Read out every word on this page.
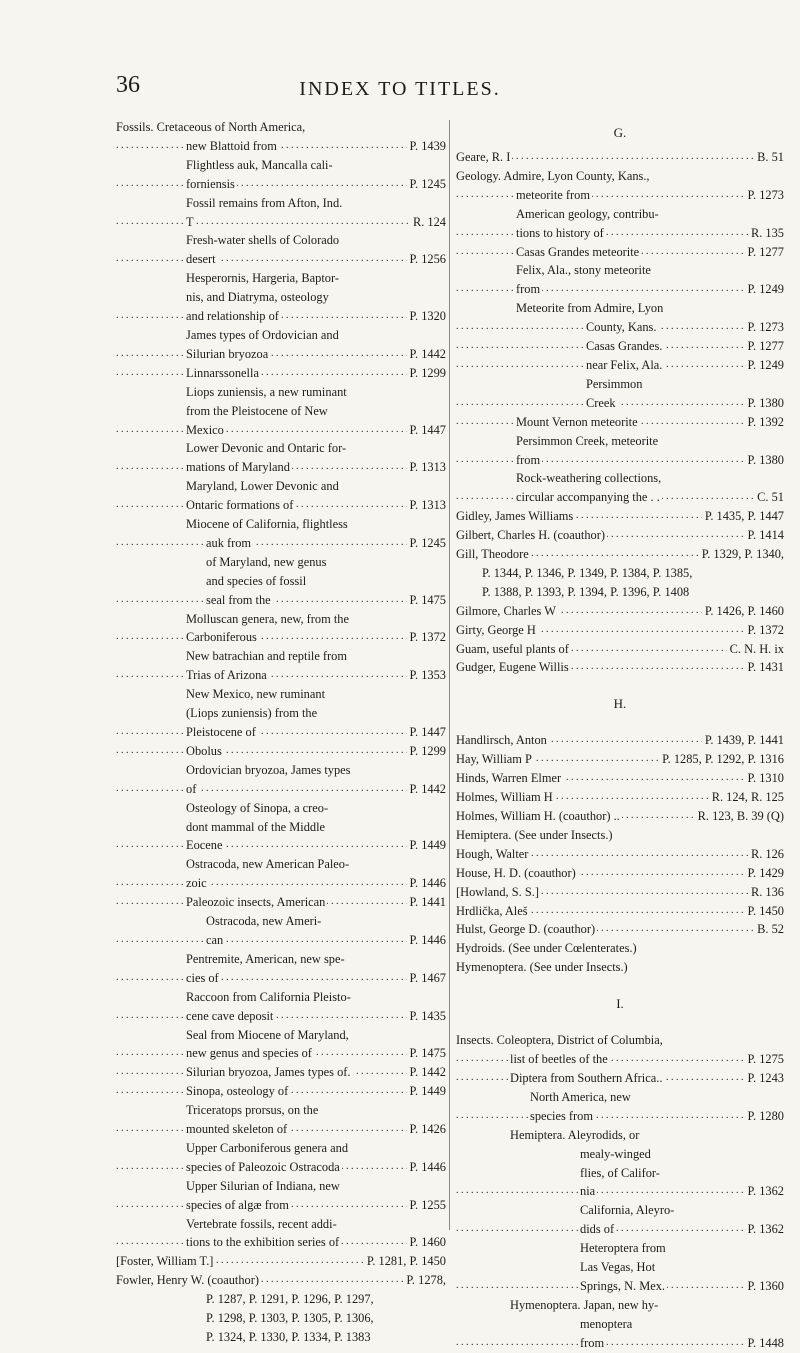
36	INDEX TO TITLES.
Fossils. Cretaceous of North America,
new Blattoid from	P. 1439
. . .
Flightless auk, Mancalla cali-
forniensis	P. 1245
. . .
Fossil remains from Afton, Ind.
T	R. 124
. . .
Fresh-water shells of Colorado
desert	P. 1256
. . .
Hesperornis, Hargeria, Baptor-
nis, and Diatryma, osteology
and relationship of	P. 1320
. . .
James types of Ordovician and
Silurian bryozoa	P. 1442
. . .
Linnarssonella	P. 1299
. . .
Liops zuniensis, a new ruminant
from the Pleistocene of New
Mexico	P. 1447
. . .
Lower Devonic and Ontaric for-
mations of Maryland	P. 1313
. . .
Maryland, Lower Devonic and
Ontaric formations of	P. 1313
. . .
Miocene of California, flightless
auk from	P. 1245
. . .
of Maryland, new genus
and species of fossil
seal from the	P. 1475
. . .
Molluscan genera, new, from the
Carboniferous	P. 1372
. . .
New batrachian and reptile from
Trias of Arizona	P. 1353
. . .
New Mexico, new ruminant
(Liops zuniensis) from the
Pleistocene of	P. 1447
. . .
Obolus	P. 1299
. . .
Ordovician bryozoa, James types
of	P. 1442
. . .
Osteology of Sinopa, a creo-
dont mammal of the Middle
Eocene	P. 1449
. . .
Ostracoda, new American Paleo-
zoic	P. 1446
. . .
Paleozoic insects, American	P. 1441
. . .
Ostracoda, new Ameri-
can	P. 1446
. . .
Pentremite, American, new spe-
cies of	P. 1467
. . .
Raccoon from California Pleisto-
cene cave deposit	P. 1435
. . .
Seal from Miocene of Maryland,
new genus and species of	P. 1475
. . .
Silurian bryozoa, James types of.	P. 1442
. . .
Sinopa, osteology of	P. 1449
. . .
Triceratops prorsus, on the
mounted skeleton of	P. 1426
. . .
Upper Carboniferous genera and
species of Paleozoic Ostracoda	P. 1446
. . .
Upper Silurian of Indiana, new
species of algæ from	P. 1255
. . .
Vertebrate fossils, recent addi-
tions to the exhibition series of	P. 1460
. . .
[Foster, William T.]	P. 1281, P. 1450
. . .
Fowler, Henry W. (coauthor)	P. 1278,
. . .
P. 1287, P. 1291, P. 1296, P. 1297,
P. 1298, P. 1303, P. 1305, P. 1306,
P. 1324, P. 1330, P. 1334, P. 1383
G.
Geare, R. I	B. 51
. . .
Geology. Admire, Lyon County, Kans.,
meteorite from	P. 1273
. . .
American geology, contribu-
tions to history of	R. 135
. . .
Casas Grandes meteorite	P. 1277
. . .
Felix, Ala., stony meteorite
from	P. 1249
. . .
Meteorite from Admire, Lyon
County, Kans.	P. 1273
. . .
Casas Grandes.	P. 1277
. . .
near Felix, Ala.	P. 1249
. . .
Persimmon
Creek	P. 1380
. . .
Mount Vernon meteorite	P. 1392
. . .
Persimmon Creek, meteorite
from	P. 1380
. . .
Rock-weathering collections,
circular accompanying the . .	C. 51
. . .
Gidley, James Williams	P. 1435, P. 1447
. . .
Gilbert, Charles H. (coauthor)	P. 1414
. . .
Gill, Theodore	P. 1329, P. 1340,
. . .
P. 1344, P. 1346, P. 1349, P. 1384, P. 1385,
P. 1388, P. 1393, P. 1394, P. 1396, P. 1408
Gilmore, Charles W	P. 1426, P. 1460
. . .
Girty, George H	P. 1372
. . .
Guam, useful plants of	C. N. H. ix
. . .
Gudger, Eugene Willis	P. 1431
. . .
H.
Handlirsch, Anton	P. 1439, P. 1441
. . .
Hay, William P	P. 1285, P. 1292, P. 1316
. . .
Hinds, Warren Elmer	P. 1310
. . .
Holmes, William H	R. 124, R. 125
. . .
Holmes, William H. (coauthor) ..	R. 123, B. 39 (Q)
. . .
Hemiptera. (See under Insects.)
Hough, Walter	R. 126
. . .
House, H. D. (coauthor)	P. 1429
. . .
[Howland, S. S.]	R. 136
. . .
Hrdlička, Aleš	P. 1450
. . .
Hulst, George D. (coauthor)	B. 52
. . .
Hydroids. (See under Cœlenterates.)
Hymenoptera. (See under Insects.)
I.
Insects. Coleoptera, District of Columbia,
list of beetles of the	P. 1275
. . .
Diptera from Southern Africa..	P. 1243
. . .
North America, new
species from	P. 1280
. . .
Hemiptera. Aleyrodids, or
mealy-winged
flies, of Califor-
nia	P. 1362
. . .
California, Aleyro-
dids of	P. 1362
. . .
Heteroptera from
Las Vegas, Hot
Springs, N. Mex.	P. 1360
. . .
Hymenoptera. Japan, new hy-
menoptera
from	P. 1448
. . .
